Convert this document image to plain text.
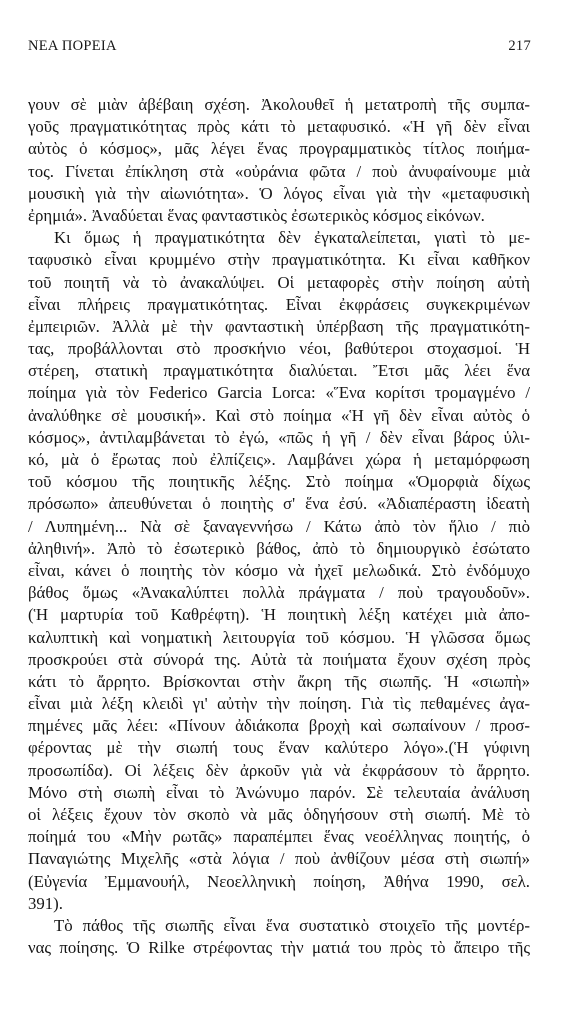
ΝΕΑ ΠΟΡΕΙΑ	217
γουν σὲ μιὰν ἀβέβαιη σχέση. Ἀκολουθεῖ ἡ μετατροπὴ τῆς συμπα-
γοῦς πραγματικότητας πρὸς κάτι τὸ μεταφυσικό. «Ἡ γῆ δὲν εἶναι
αὐτὸς ὁ κόσμος», μᾶς λέγει ἕνας προγραμματικὸς τίτλος ποιήμα-
τος. Γίνεται ἐπίκληση στὰ «οὐράνια φῶτα / ποὺ ἀνυφαίνουμε μιὰ
μουσικὴ γιὰ τὴν αἰωνιότητα». Ὁ λόγος εἶναι γιὰ τὴν «μεταφυσικὴ
ἐρημιά». Ἀναδύεται ἕνας φανταστικὸς ἐσωτερικὸς κόσμος εἰκόνων.
Κι ὅμως ἡ πραγματικότητα δὲν ἐγκαταλείπεται, γιατὶ τὸ με-
ταφυσικὸ εἶναι κρυμμένο στὴν πραγματικότητα. Κι εἶναι καθῆκον
τοῦ ποιητῆ νὰ τὸ ἀνακαλύψει. Οἱ μεταφορὲς στὴν ποίηση αὐτὴ
εἶναι πλήρεις πραγματικότητας. Εἶναι ἐκφράσεις συγκεκριμένων
ἐμπειριῶν. Ἀλλὰ μὲ τὴν φανταστικὴ ὑπέρβαση τῆς πραγματικότη-
τας, προβάλλονται στὸ προσκήνιο νέοι, βαθύτεροι στοχασμοί. Ἡ
στέρεη, στατικὴ πραγματικότητα διαλύεται. Ἔτσι μᾶς λέει ἕνα
ποίημα γιὰ τὸν Federico Garcia Lorca: «Ἕνα κορίτσι τρομαγμένο /
ἀναλύθηκε σὲ μουσική». Καὶ στὸ ποίημα «Ἡ γῆ δὲν εἶναι αὐτὸς ὁ
κόσμος», ἀντιλαμβάνεται τὸ ἐγώ, «πῶς ἡ γῆ / δὲν εἶναι βάρος ὑλι-
κό, μὰ ὁ ἔρωτας ποὺ ἐλπίζεις». Λαμβάνει χώρα ἡ μεταμόρφωση
τοῦ κόσμου τῆς ποιητικῆς λέξης. Στὸ ποίημα «Ὁμορφιὰ δίχως
πρόσωπο» ἀπευθύνεται ὁ ποιητὴς σ' ἕνα ἐσύ. «Ἀδιαπέραστη ἰδεατὴ
/ Λυπημένη... Νὰ σὲ ξαναγεννήσω / Κάτω ἀπὸ τὸν ἥλιο / πιὸ
ἀληθινή». Ἀπὸ τὸ ἐσωτερικὸ βάθος, ἀπὸ τὸ δημιουργικὸ ἐσώτατο
εἶναι, κάνει ὁ ποιητὴς τὸν κόσμο νὰ ἠχεῖ μελωδικά. Στὸ ἐνδόμυχο
βάθος ὅμως «Ἀνακαλύπτει πολλὰ πράγματα / ποὺ τραγουδοῦν».
(Ἡ μαρτυρία τοῦ Καθρέφτη). Ἡ ποιητικὴ λέξη κατέχει μιὰ ἀπο-
καλυπτικὴ καὶ νοηματικὴ λειτουργία τοῦ κόσμου. Ἡ γλῶσσα ὅμως
προσκρούει στὰ σύνορά της. Αὐτὰ τὰ ποιήματα ἔχουν σχέση πρὸς
κάτι τὸ ἄρρητο. Βρίσκονται στὴν ἄκρη τῆς σιωπῆς. Ἡ «σιωπὴ»
εἶναι μιὰ λέξη κλειδὶ γι' αὐτὴν τὴν ποίηση. Γιὰ τὶς πεθαμένες ἀγα-
πημένες μᾶς λέει: «Πίνουν ἀδιάκοπα βροχὴ καὶ σωπαίνουν / προσ-
φέροντας μὲ τὴν σιωπή τους ἕναν καλύτερο λόγο».(Ἡ γύφινη
προσωπίδα). Οἱ λέξεις δὲν ἀρκοῦν γιὰ νὰ ἐκφράσουν τὸ ἄρρητο.
Μόνο στὴ σιωπὴ εἶναι τὸ Ἀνώνυμο παρόν. Σὲ τελευταία ἀνάλυση
οἱ λέξεις ἔχουν τὸν σκοπὸ νὰ μᾶς ὁδηγήσουν στὴ σιωπή. Μὲ τὸ
ποίημά του «Μὴν ρωτᾶς» παραπέμπει ἕνας νεοέλληνας ποιητής, ὁ
Παναγιώτης Μιχελῆς «στὰ λόγια / ποὺ ἀνθίζουν μέσα στὴ σιωπή»
(Εὐγενία Ἐμμανουήλ, Νεοελληνικὴ ποίηση, Ἀθήνα 1990, σελ.
391).
Τὸ πάθος τῆς σιωπῆς εἶναι ἕνα συστατικὸ στοιχεῖο τῆς μοντέρ-
νας ποίησης. Ὁ Rilke στρέφοντας τὴν ματιά του πρὸς τὸ ἄπειρο τῆς
